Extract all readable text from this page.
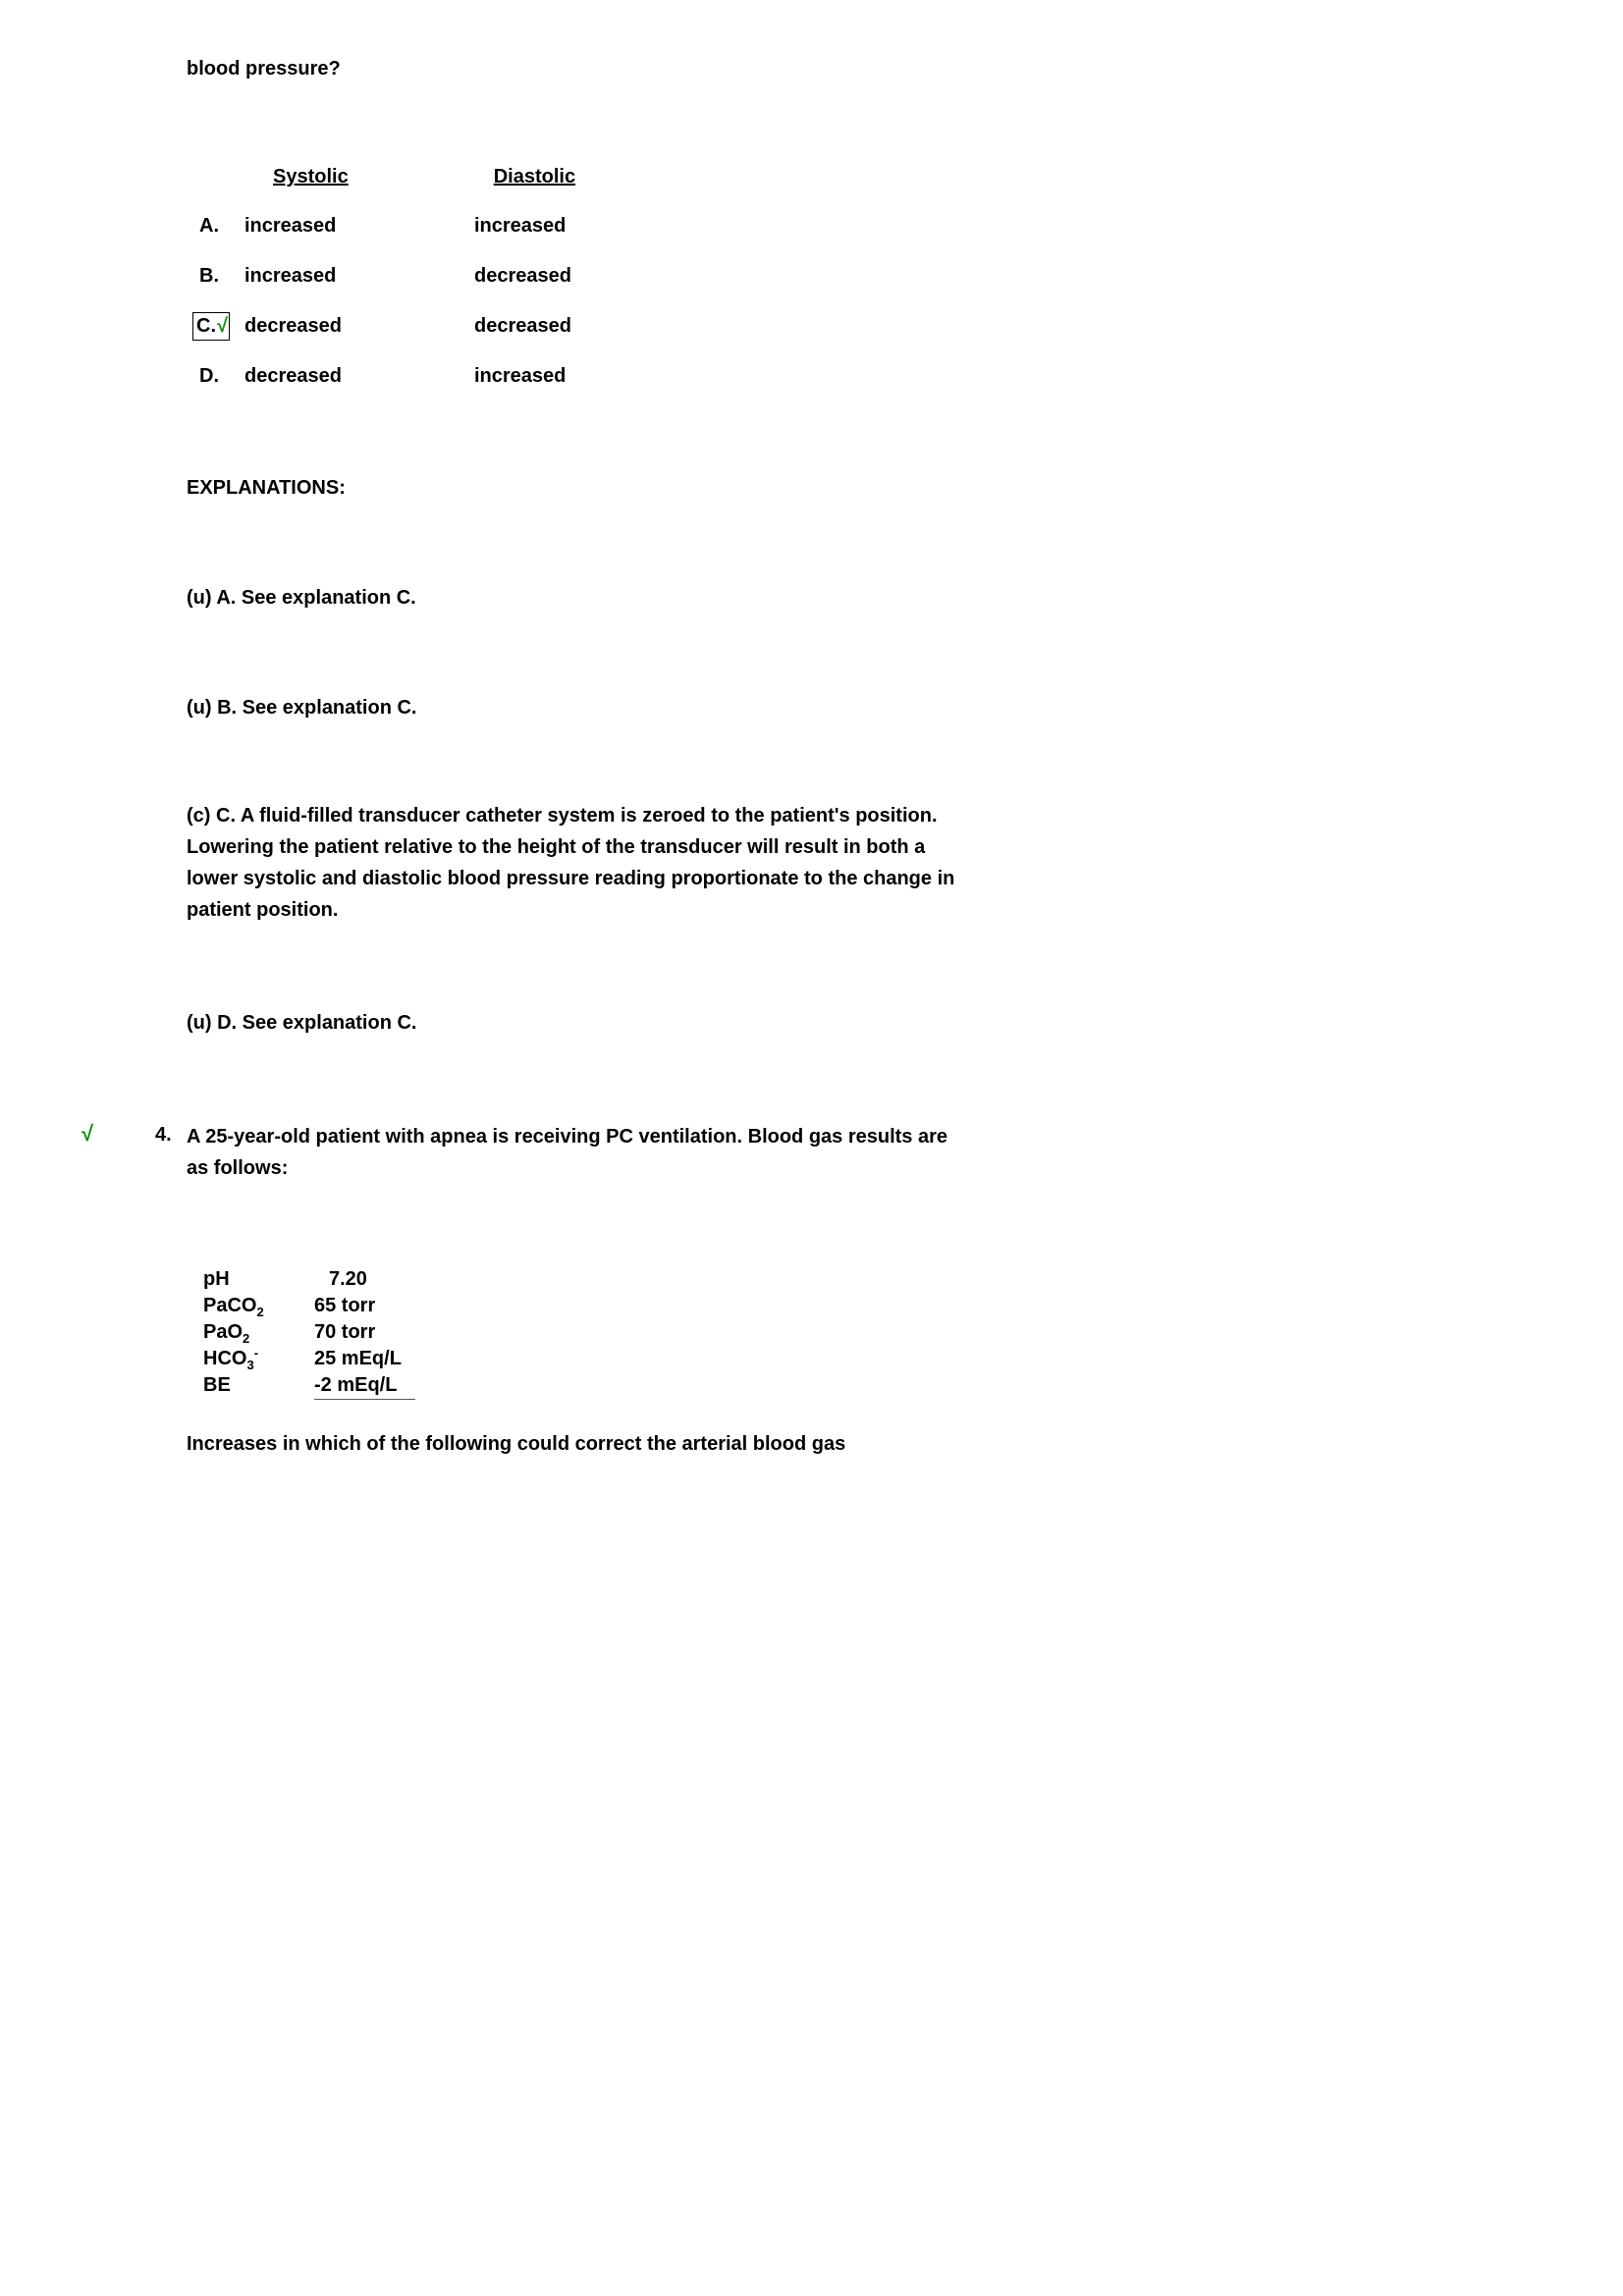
blood pressure?
Systolic	Diastolic
A.	increased	increased
B.	increased	decreased
C.√ decreased	decreased
D.	decreased	increased
EXPLANATIONS:
(u) A. See explanation C.
(u) B. See explanation C.
(c) C. A fluid-filled transducer catheter system is zeroed to the patient's position. Lowering the patient relative to the height of the transducer will result in both a lower systolic and diastolic blood pressure reading proportionate to the change in patient position.
(u) D. See explanation C.
√	4. A 25-year-old patient with apnea is receiving PC ventilation. Blood gas results are as follows:
pH	7.20
PaCO$_2$	65 torr
PaO$_2$	70 torr
$HCO_3^-$	25 mEq/L
BE	-2 mEq/L
Increases in which of the following could correct the arterial blood gas
